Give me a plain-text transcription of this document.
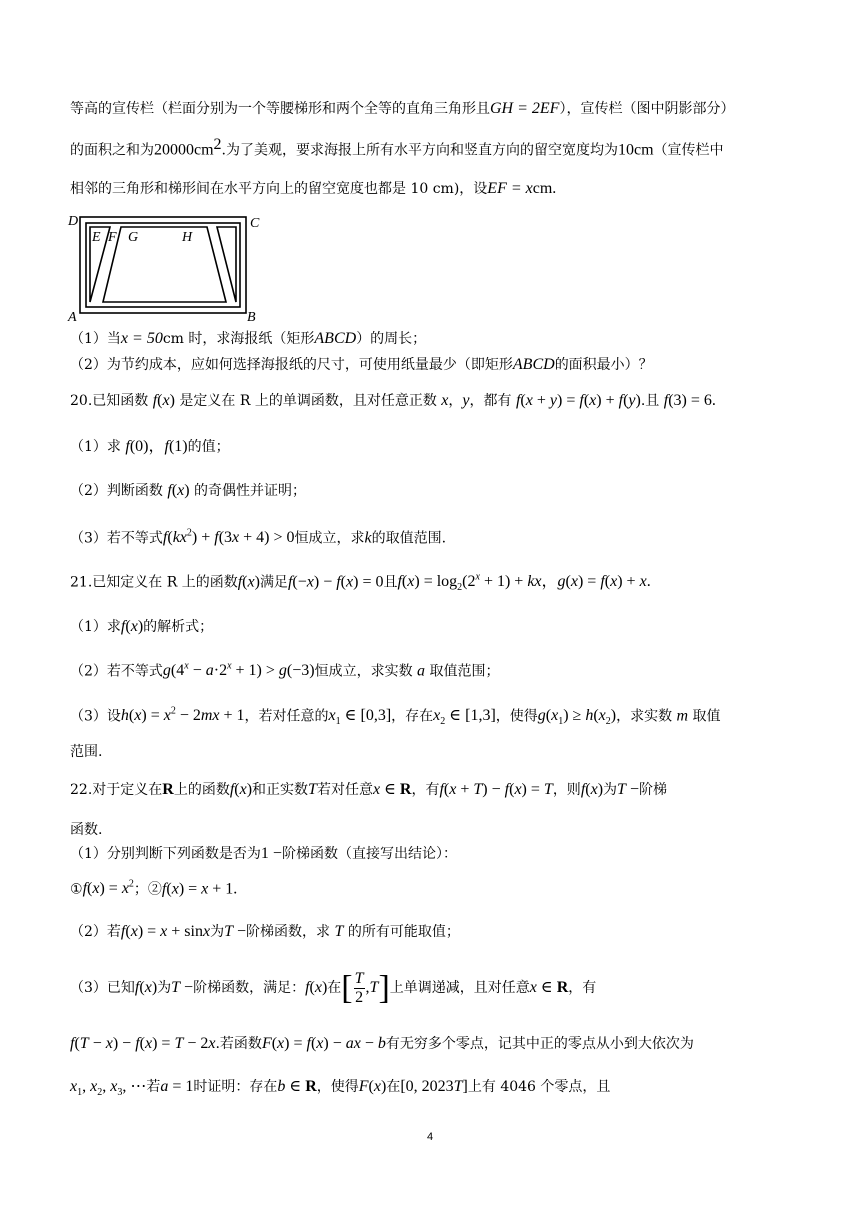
等高的宣传栏（栏面分别为一个等腰梯形和两个全等的直角三角形且GH = 2EF），宣传栏（图中阴影部分）
的面积之和为$20000cm^2$.为了美观，要求海报上所有水平方向和竖直方向的留空宽度均为10cm（宣传栏中
相邻的三角形和梯形间在水平方向上的留空宽度也都是 10 cm)，设EF = xcm.
D	C
A	B
E F G	H
（1）当x = 50cm 时，求海报纸（矩形ABCD）的周长；
（2）为节约成本，应如何选择海报纸的尺寸，可使用纸量最少（即矩形ABCD的面积最小）？
20.已知函数 f(x) 是定义在 R 上的单调函数，且对任意正数 x，y，都有 f(x + y) = f(x) + f(y).且 f(3) = 6.
（1）求 f(0)，f(1)的值；
（2）判断函数 f(x) 的奇偶性并证明；
（3）若不等式$f(kx^2) + f(3x + 4) > 0$恒成立，求k的取值范围.
21.已知定义在 R 上的函数f(x)满足f(−x) − f(x) = 0且$f(x) = \log_2(2^x + 1)$ + kx，g(x) = f(x) + x.
（1）求f(x)的解析式；
（2）若不等式$g(4^x - a\cdot 2^x + 1) > g(-3)$恒成立，求实数 a 取值范围；
（3）设$h(x) = x^2 - 2mx + 1$，若对任意的$x_1$ ∈ [0,3]，存在$x_2$ ∈ [1,3]，使得$g(x_1) \ge h(x_2)$，求实数 m 取值
范围.
22.对于定义在R上的函数f(x)和正实数T若对任意x ∈ R，有f(x + T) − f(x) = T，则f(x)为T −阶梯
函数.
（1）分别判断下列函数是否为1 −阶梯函数（直接写出结论）：
①f(x) = $x^2$；②f(x) = x + 1.
（2）若f(x) = x + sinx为T −阶梯函数，求 T 的所有可能取值；
（3）已知f(x)为T −阶梯函数，满足：f(x)在[ $\frac{T}{2} ,T$]上单调递减，且对任意x ∈ R，有
f(T − x) − f(x) = T − 2x.若函数F(x) = f(x) − ax − b有无穷多个零点，记其中正的零点从小到大依次为
$x_1$, $x_2$, $x_3$, ⋯若a = 1时证明：存在b ∈ R，使得F(x)在[0, 2023T]上有 4046 个零点，且
4
